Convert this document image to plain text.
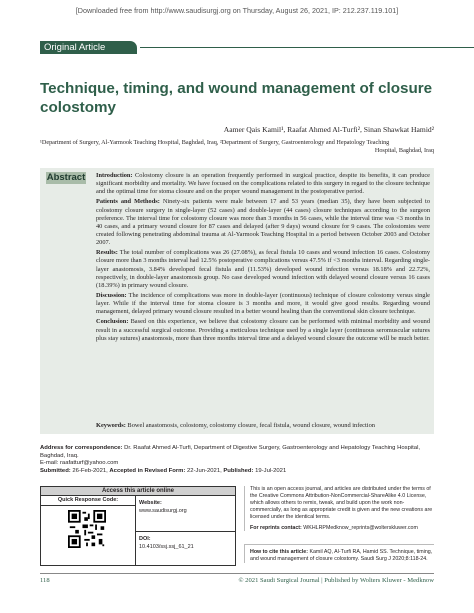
[Downloaded free from http://www.saudisurgj.org on Thursday, August 26, 2021, IP: 212.237.119.101]
Original Article
Technique, timing, and wound management of closure colostomy
Aamer Qais Kamil¹, Raafat Ahmed Al-Turfi², Sinan Shawkat Hamid²
¹Department of Surgery, Al-Yarmook Teaching Hospital, Baghdad, Iraq, ²Department of Surgery, Gastroenterology and Hepatology Teaching
Hospital, Baghdad, Iraq
Abstract Introduction: Colostomy closure is an operation frequently performed in surgical practice, despite its benefits, it can produce significant morbidity and mortality. We have focused on the complications related to this surgery in regard to the closure technique and the optimal time for stoma closure and on the proper wound management in the postoperative period.

Patients and Methods: Ninety-six patients were male between 17 and 53 years (median 35), they have been subjected to colostomy closure surgery in single-layer (52 cases) and double-layer (44 cases) closure techniques according to the surgeon preference. The interval time for colostomy closure was more than 3 months in 56 cases, while the interval time was <3 months in 40 cases, and a primary wound closure for 87 cases and delayed (after 9 days) wound closure for 9 cases. The colostomies were created following penetrating abdominal trauma at Al-Yarmook Teaching Hospital in a period between October 2003 and October 2007.

Results: The total number of complications was 26 (27.08%), as fecal fistula 10 cases and wound infection 16 cases. Colostomy closure more than 3 months interval had 12.5% postoperative complications versus 47.5% if <3 months interval. Regarding single-layer anastomosis, 3.84% developed fecal fistula and (11.53%) developed wound infection versus 18.18% and 22.72%, respectively, in double-layer anastomosis group. No case developed wound infection with delayed wound closure versus 16 cases (18.39%) in primary wound closure.

Discussion: The incidence of complications was more in double-layer (continuous) technique of closure colostomy versus single layer. While if the interval time for stoma closure is 3 months and more, it would give good results. Regarding wound management, delayed primary wound closure resulted in a better wound healing than the conventional skin closure technique.

Conclusion: Based on this experience, we believe that colostomy closure can be performed with minimal morbidity and wound result in a successful surgical outcome. Providing a meticulous technique used by a single layer (continuous seromuscular sutures plus stay sutures) anastomosis, more than three months interval time and a delayed wound closure the outcome will be much better.

Keywords: Bowel anastomosis, colostomy, colostomy closure, fecal fistula, wound closure, wound infection
Address for correspondence: Dr. Raafat Ahmed Al-Turfi, Department of Digestive Surgery, Gastroenterology and Hepatology Teaching Hospital, Baghdad, Iraq.
E-mail: raafatturf@yahoo.com
Submitted: 26-Feb-2021, Accepted in Revised Form: 22-Jun-2021, Published: 19-Jul-2021
Access this article online
Quick Response Code:	Website:
www.saudisurgj.org
DOI:
10.4103/ssj.ssj_61_21
This is an open access journal, and articles are distributed under the terms of the Creative Commons Attribution-NonCommercial-ShareAlike 4.0 License, which allows others to remix, tweak, and build upon the work non-commercially, as long as appropriate credit is given and the new creations are licensed under the identical terms.
For reprints contact: WKHLRPMedknow_reprints@wolterskluwer.com
How to cite this article: Kamil AQ, Al-Turfi RA, Hamid SS. Technique, timing, and wound management of closure colostomy. Saudi Surg J 2020;8:118-24.
118	© 2021 Saudi Surgical Journal | Published by Wolters Kluwer - Medknow
